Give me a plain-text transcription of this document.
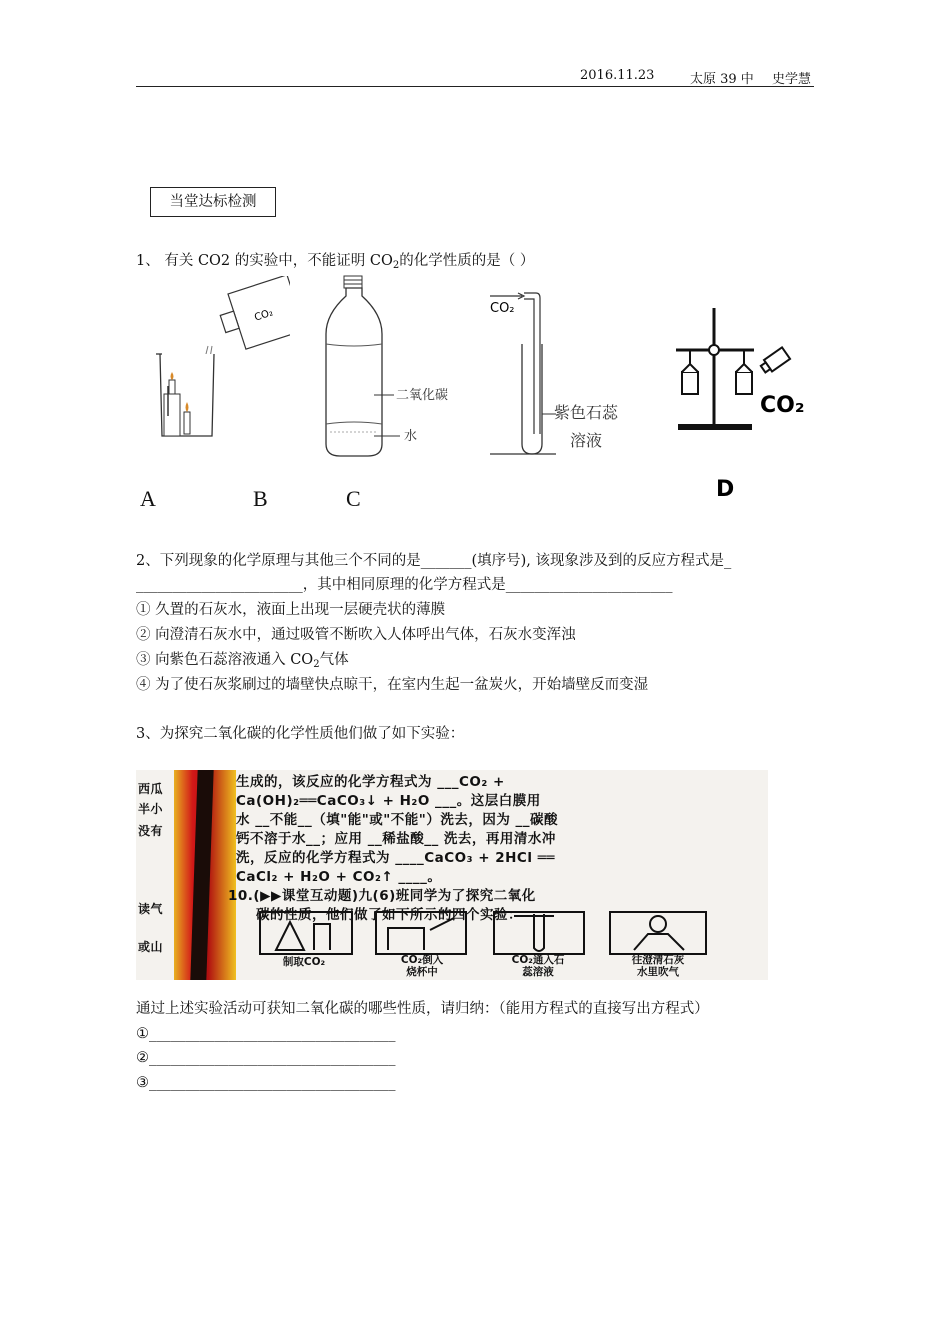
2016.11.23	太原 39 中 史学慧
当堂达标检测
1、 有关 CO2 的实验中，不能证明 $CO_2$的化学性质的是（ ）
CO₂
二氧化碳
水
CO₂
紫色石蕊
溶液
CO₂
D
A	B	C
2、下列现象的化学原理与其他三个不同的是_______(填序号), 该现象涉及到的反应方程式是_
_______________________，其中相同原理的化学方程式是_______________________
① 久置的石灰水，液面上出现一层硬壳状的薄膜
② 向澄清石灰水中，通过吸管不断吹入人体呼出气体，石灰水变浑浊
③ 向紫色石蕊溶液通入 $CO_2$气体
④ 为了使石灰浆刷过的墙壁快点晾干，在室内生起一盆炭火，开始墙壁反而变湿
3、为探究二氧化碳的化学性质他们做了如下实验：
西瓜
半小
没有
读气
或山
生成的，该反应的化学方程式为 ___CO₂ +
Ca(OH)₂══CaCO₃↓ + H₂O ___。这层白膜用
水 __不能__（填"能"或"不能"）洗去，因为 __碳酸
钙不溶于水__；应用 __稀盐酸__ 洗去，再用清水冲
洗，反应的化学方程式为 ____CaCO₃ + 2HCl ══
CaCl₂ + H₂O + CO₂↑ ____。
10.(▶▶课堂互动题)九(6)班同学为了探究二氧化
碳的性质，他们做了如下所示的四个实验：
制取CO₂	CO₂倒入
烧杯中
CO₂通入石
蕊溶液
往澄清石灰
水里吹气
通过上述实验活动可获知二氧化碳的哪些性质，请归纳：（能用方程式的直接写出方程式）
①__________________________________
②__________________________________
③__________________________________
